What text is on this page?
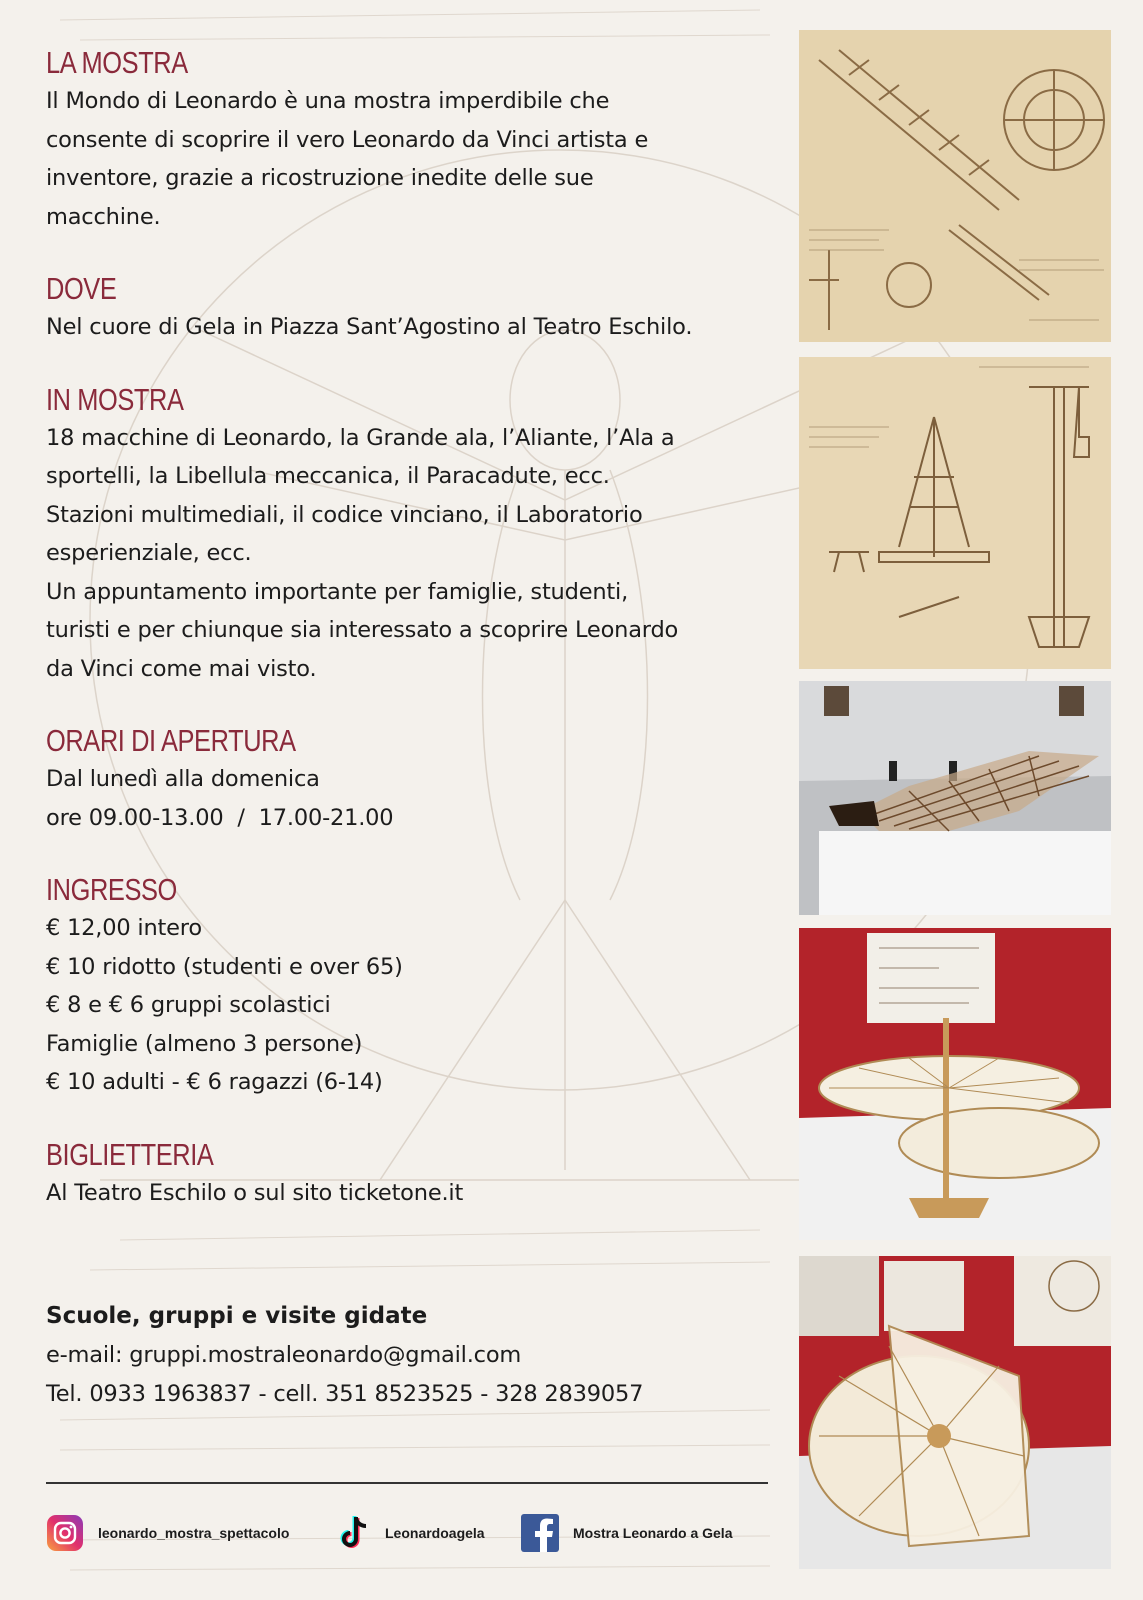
LA MOSTRA
Il Mondo di Leonardo è una mostra imperdibile che
consente di scoprire il vero Leonardo da Vinci artista e
inventore, grazie a ricostruzione inedite delle sue
macchine.
DOVE
Nel cuore di Gela in Piazza Sant’Agostino al Teatro Eschilo.
IN MOSTRA
18 macchine di Leonardo, la Grande ala, l’Aliante, l’Ala a
sportelli, la Libellula meccanica, il Paracadute, ecc.
Stazioni multimediali, il codice vinciano, il Laboratorio
esperienziale, ecc.
Un appuntamento importante per famiglie, studenti,
turisti e per chiunque sia interessato a scoprire Leonardo
da Vinci come mai visto.
ORARI DI APERTURA
Dal lunedì alla domenica
ore 09.00-13.00  /  17.00-21.00
INGRESSO
€ 12,00 intero
€ 10 ridotto (studenti e over 65)
€ 8 e € 6 gruppi scolastici
Famiglie (almeno 3 persone)
€ 10 adulti - € 6 ragazzi (6-14)
BIGLIETTERIA
Al Teatro Eschilo o sul sito ticketone.it
Scuole, gruppi e visite gidate
e-mail: gruppi.mostraleonardo@gmail.com
Tel. 0933 1963837 - cell. 351 8523525 - 328 2839057
leonardo_mostra_spettacolo	Leonardoagela	Mostra Leonardo a Gela
